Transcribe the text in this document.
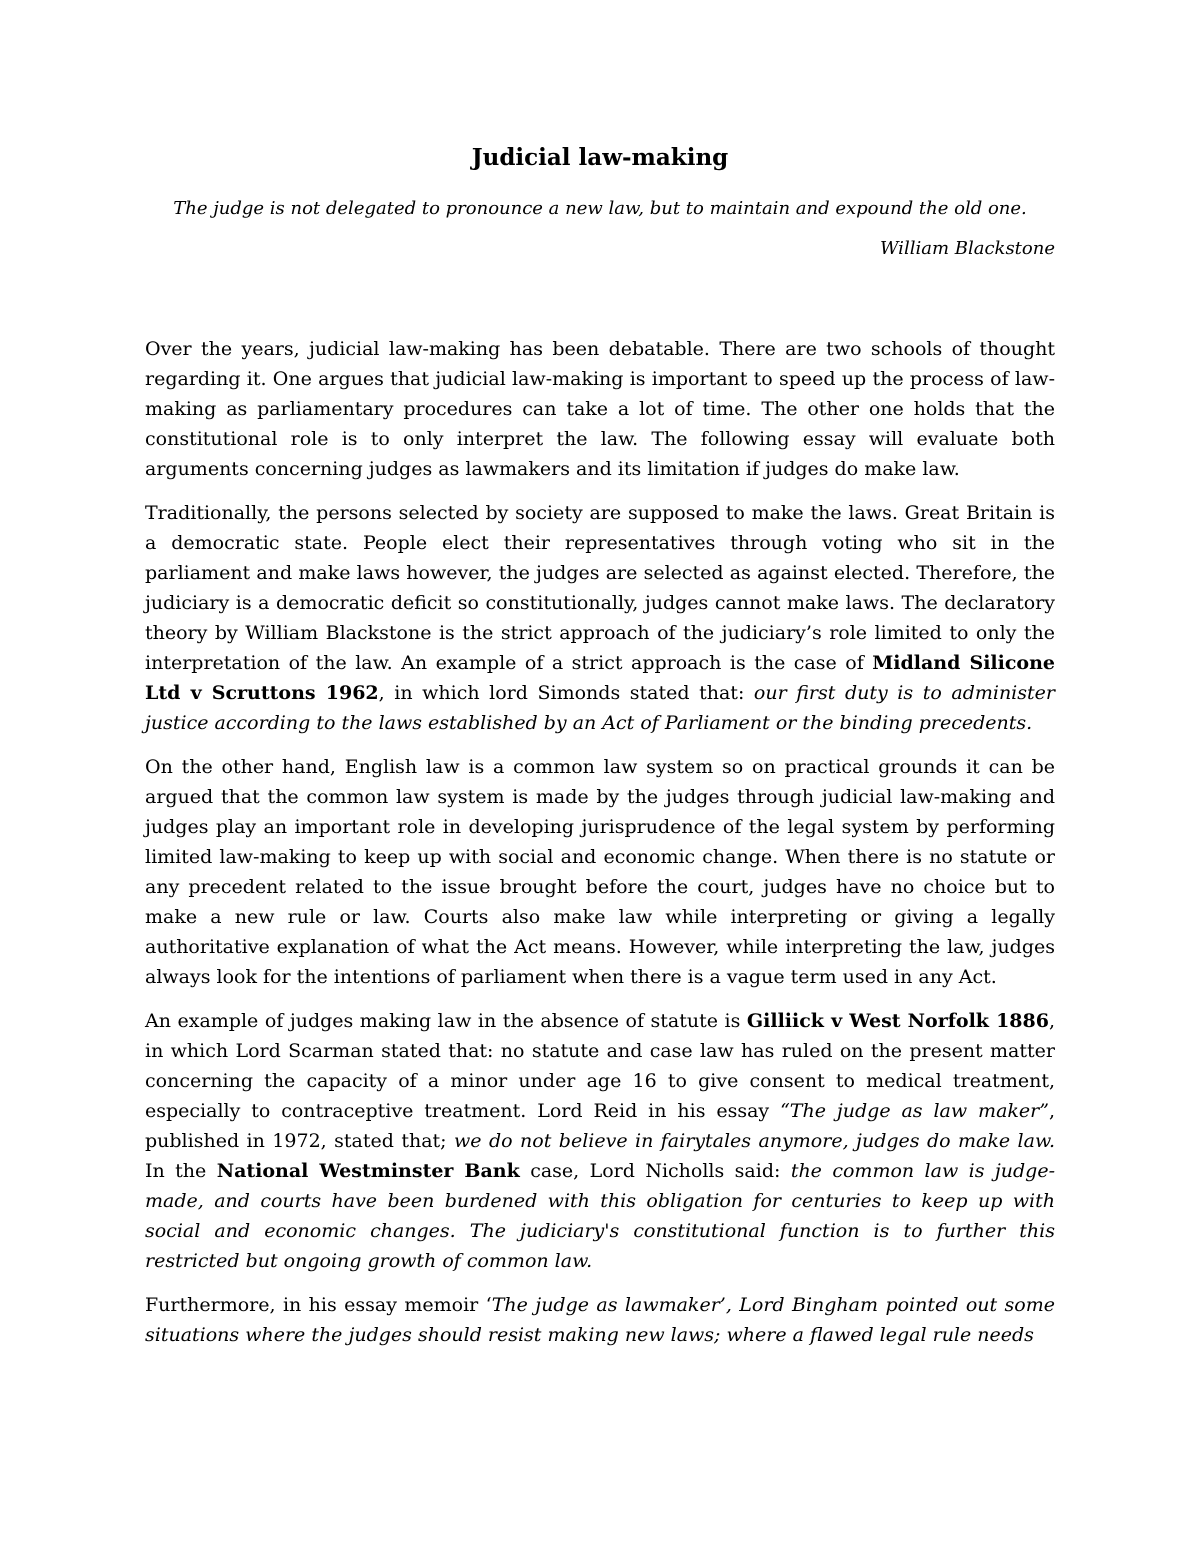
Judicial law-making

The judge is not delegated to pronounce a new law, but to maintain and expound the old one.

William Blackstone

Over the years, judicial law-making has been debatable. There are two schools of thought regarding it. One argues that judicial law-making is important to speed up the process of law-making as parliamentary procedures can take a lot of time. The other one holds that the constitutional role is to only interpret the law. The following essay will evaluate both arguments concerning judges as lawmakers and its limitation if judges do make law.

Traditionally, the persons selected by society are supposed to make the laws. Great Britain is a democratic state. People elect their representatives through voting who sit in the parliament and make laws however, the judges are selected as against elected. Therefore, the judiciary is a democratic deficit so constitutionally, judges cannot make laws. The declaratory theory by William Blackstone is the strict approach of the judiciary’s role limited to only the interpretation of the law. An example of a strict approach is the case of Midland Silicone Ltd v Scruttons 1962, in which lord Simonds stated that: our first duty is to administer justice according to the laws established by an Act of Parliament or the binding precedents.

On the other hand, English law is a common law system so on practical grounds it can be argued that the common law system is made by the judges through judicial law-making and judges play an important role in developing jurisprudence of the legal system by performing limited law-making to keep up with social and economic change. When there is no statute or any precedent related to the issue brought before the court, judges have no choice but to make a new rule or law. Courts also make law while interpreting or giving a legally authoritative explanation of what the Act means. However, while interpreting the law, judges always look for the intentions of parliament when there is a vague term used in any Act.

An example of judges making law in the absence of statute is Gilliick v West Norfolk 1886, in which Lord Scarman stated that: no statute and case law has ruled on the present matter concerning the capacity of a minor under age 16 to give consent to medical treatment, especially to contraceptive treatment. Lord Reid in his essay “The judge as law maker”, published in 1972, stated that; we do not believe in fairytales anymore, judges do make law. In the National Westminster Bank case, Lord Nicholls said: the common law is judge-made, and courts have been burdened with this obligation for centuries to keep up with social and economic changes. The judiciary's constitutional function is to further this restricted but ongoing growth of common law.

Furthermore, in his essay memoir ‘The judge as lawmaker’, Lord Bingham pointed out some situations where the judges should resist making new laws; where a flawed legal rule needs
